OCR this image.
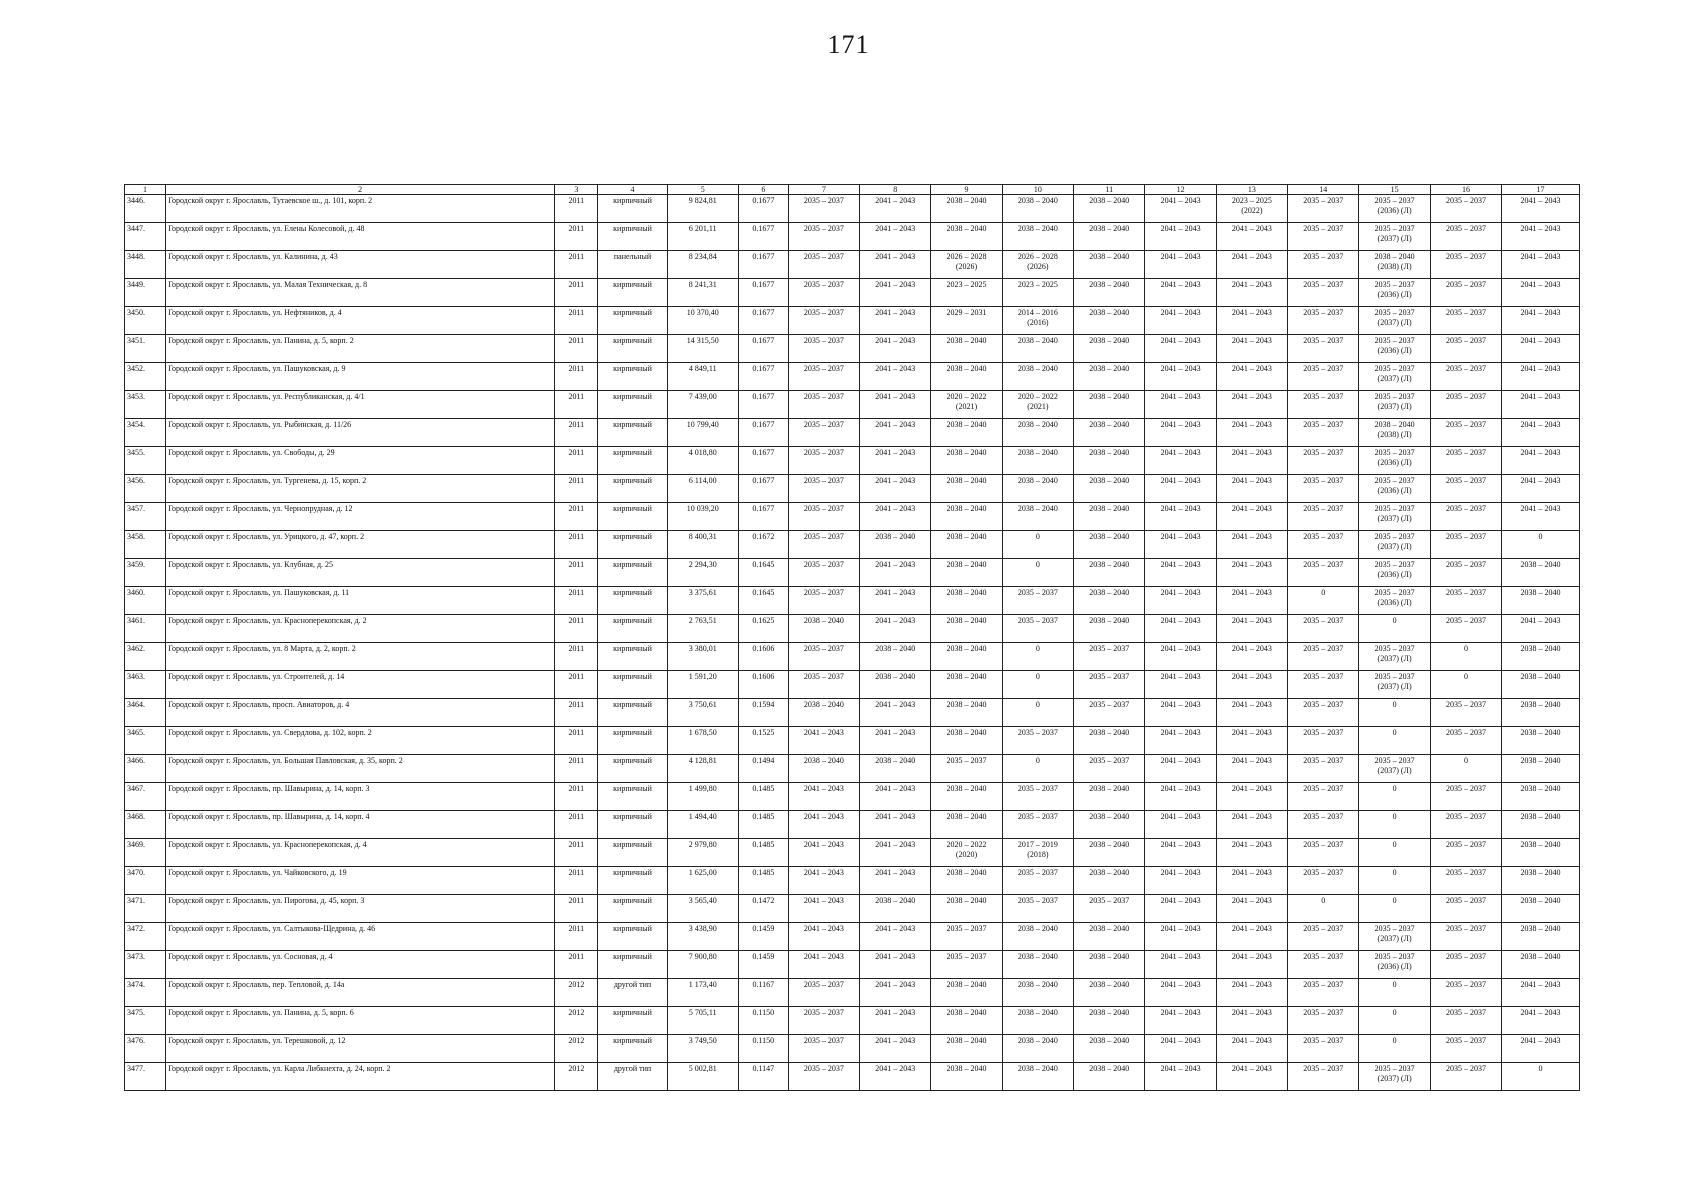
171
1	2	3	4	5	6	7	8	9	10	11	12	13	14	15	16	17

3446.	Городской округ г. Ярославль, Тутаевское ш., д. 101, корп. 2	2011	кирпичный	9 824,81	0.1677	2035 – 2037	2041 – 2043	2038 – 2040	2038 – 2040	2038 – 2040	2041 – 2043	2023 – 2025
(2022)	2035 – 2037	2035 – 2037
(2036) (Л)	2035 – 2037	2041 – 2043

3447.	Городской округ г. Ярославль, ул. Елены Колесовой, д. 48	2011	кирпичный	6 201,11	0.1677	2035 – 2037	2041 – 2043	2038 – 2040	2038 – 2040	2038 – 2040	2041 – 2043	2041 – 2043	2035 – 2037	2035 – 2037
(2037) (Л)	2035 – 2037	2041 – 2043

3448.	Городской округ г. Ярославль, ул. Калинина, д. 43	2011	панельный	8 234,84	0.1677	2035 – 2037	2041 – 2043	2026 – 2028
(2026)	2026 – 2028
(2026)	2038 – 2040	2041 – 2043	2041 – 2043	2035 – 2037	2038 – 2040
(2038) (Л)	2035 – 2037	2041 – 2043

3449.	Городской округ г. Ярославль, ул. Малая Техническая, д. 8	2011	кирпичный	8 241,31	0.1677	2035 – 2037	2041 – 2043	2023 – 2025	2023 – 2025	2038 – 2040	2041 – 2043	2041 – 2043	2035 – 2037	2035 – 2037
(2036) (Л)	2035 – 2037	2041 – 2043

3450.	Городской округ г. Ярославль, ул. Нефтяников, д. 4	2011	кирпичный	10 370,40	0.1677	2035 – 2037	2041 – 2043	2029 – 2031	2014 – 2016
(2016)	2038 – 2040	2041 – 2043	2041 – 2043	2035 – 2037	2035 – 2037
(2037) (Л)	2035 – 2037	2041 – 2043

3451.	Городской округ г. Ярославль, ул. Панина, д. 5, корп. 2	2011	кирпичный	14 315,50	0.1677	2035 – 2037	2041 – 2043	2038 – 2040	2038 – 2040	2038 – 2040	2041 – 2043	2041 – 2043	2035 – 2037	2035 – 2037
(2036) (Л)	2035 – 2037	2041 – 2043

3452.	Городской округ г. Ярославль, ул. Пашуковская, д. 9	2011	кирпичный	4 849,11	0.1677	2035 – 2037	2041 – 2043	2038 – 2040	2038 – 2040	2038 – 2040	2041 – 2043	2041 – 2043	2035 – 2037	2035 – 2037
(2037) (Л)	2035 – 2037	2041 – 2043

3453.	Городской округ г. Ярославль, ул. Республиканская, д. 4/1	2011	кирпичный	7 439,00	0.1677	2035 – 2037	2041 – 2043	2020 – 2022
(2021)	2020 – 2022
(2021)	2038 – 2040	2041 – 2043	2041 – 2043	2035 – 2037	2035 – 2037
(2037) (Л)	2035 – 2037	2041 – 2043

3454.	Городской округ г. Ярославль, ул. Рыбинская, д. 11/26	2011	кирпичный	10 799,40	0.1677	2035 – 2037	2041 – 2043	2038 – 2040	2038 – 2040	2038 – 2040	2041 – 2043	2041 – 2043	2035 – 2037	2038 – 2040
(2038) (Л)	2035 – 2037	2041 – 2043

3455.	Городской округ г. Ярославль, ул. Свободы, д. 29	2011	кирпичный	4 018,80	0.1677	2035 – 2037	2041 – 2043	2038 – 2040	2038 – 2040	2038 – 2040	2041 – 2043	2041 – 2043	2035 – 2037	2035 – 2037
(2036) (Л)	2035 – 2037	2041 – 2043

3456.	Городской округ г. Ярославль, ул. Тургенева, д. 15, корп. 2	2011	кирпичный	6 114,00	0.1677	2035 – 2037	2041 – 2043	2038 – 2040	2038 – 2040	2038 – 2040	2041 – 2043	2041 – 2043	2035 – 2037	2035 – 2037
(2036) (Л)	2035 – 2037	2041 – 2043

3457.	Городской округ г. Ярославль, ул. Чернопрудная, д. 12	2011	кирпичный	10 039,20	0.1677	2035 – 2037	2041 – 2043	2038 – 2040	2038 – 2040	2038 – 2040	2041 – 2043	2041 – 2043	2035 – 2037	2035 – 2037
(2037) (Л)	2035 – 2037	2041 – 2043

3458.	Городской округ г. Ярославль, ул. Урицкого, д. 47, корп. 2	2011	кирпичный	8 400,31	0.1672	2035 – 2037	2038 – 2040	2038 – 2040	0	2038 – 2040	2041 – 2043	2041 – 2043	2035 – 2037	2035 – 2037
(2037) (Л)	2035 – 2037	0

3459.	Городской округ г. Ярославль, ул. Клубная, д. 25	2011	кирпичный	2 294,30	0.1645	2035 – 2037	2041 – 2043	2038 – 2040	0	2038 – 2040	2041 – 2043	2041 – 2043	2035 – 2037	2035 – 2037
(2036) (Л)	2035 – 2037	2038 – 2040

3460.	Городской округ г. Ярославль, ул. Пашуковская, д. 11	2011	кирпичный	3 375,61	0.1645	2035 – 2037	2041 – 2043	2038 – 2040	2035 – 2037	2038 – 2040	2041 – 2043	2041 – 2043	0	2035 – 2037
(2036) (Л)	2035 – 2037	2038 – 2040

3461.	Городской округ г. Ярославль, ул. Красноперекопская, д. 2	2011	кирпичный	2 763,51	0.1625	2038 – 2040	2041 – 2043	2038 – 2040	2035 – 2037	2038 – 2040	2041 – 2043	2041 – 2043	2035 – 2037	0	2035 – 2037	2041 – 2043

3462.	Городской округ г. Ярославль, ул. 8 Марта, д. 2, корп. 2	2011	кирпичный	3 380,01	0.1606	2035 – 2037	2038 – 2040	2038 – 2040	0	2035 – 2037	2041 – 2043	2041 – 2043	2035 – 2037	2035 – 2037
(2037) (Л)	0	2038 – 2040

3463.	Городской округ г. Ярославль, ул. Строителей, д. 14	2011	кирпичный	1 591,20	0.1606	2035 – 2037	2038 – 2040	2038 – 2040	0	2035 – 2037	2041 – 2043	2041 – 2043	2035 – 2037	2035 – 2037
(2037) (Л)	0	2038 – 2040

3464.	Городской округ г. Ярославль, просп. Авиаторов, д. 4	2011	кирпичный	3 750,61	0.1594	2038 – 2040	2041 – 2043	2038 – 2040	0	2035 – 2037	2041 – 2043	2041 – 2043	2035 – 2037	0	2035 – 2037	2038 – 2040

3465.	Городской округ г. Ярославль, ул. Свердлова, д. 102, корп. 2	2011	кирпичный	1 678,50	0.1525	2041 – 2043	2041 – 2043	2038 – 2040	2035 – 2037	2038 – 2040	2041 – 2043	2041 – 2043	2035 – 2037	0	2035 – 2037	2038 – 2040

3466.	Городской округ г. Ярославль, ул. Большая Павловская, д. 35, корп. 2	2011	кирпичный	4 128,81	0.1494	2038 – 2040	2038 – 2040	2035 – 2037	0	2035 – 2037	2041 – 2043	2041 – 2043	2035 – 2037	2035 – 2037
(2037) (Л)	0	2038 – 2040

3467.	Городской округ г. Ярославль, пр. Шавырина, д. 14, корп. 3	2011	кирпичный	1 499,80	0.1485	2041 – 2043	2041 – 2043	2038 – 2040	2035 – 2037	2038 – 2040	2041 – 2043	2041 – 2043	2035 – 2037	0	2035 – 2037	2038 – 2040

3468.	Городской округ г. Ярославль, пр. Шавырина, д. 14, корп. 4	2011	кирпичный	1 494,40	0.1485	2041 – 2043	2041 – 2043	2038 – 2040	2035 – 2037	2038 – 2040	2041 – 2043	2041 – 2043	2035 – 2037	0	2035 – 2037	2038 – 2040

3469.	Городской округ г. Ярославль, ул. Красноперекопская, д. 4	2011	кирпичный	2 979,80	0.1485	2041 – 2043	2041 – 2043	2020 – 2022
(2020)	2017 – 2019
(2018)	2038 – 2040	2041 – 2043	2041 – 2043	2035 – 2037	0	2035 – 2037	2038 – 2040

3470.	Городской округ г. Ярославль, ул. Чайковского, д. 19	2011	кирпичный	1 625,00	0.1485	2041 – 2043	2041 – 2043	2038 – 2040	2035 – 2037	2038 – 2040	2041 – 2043	2041 – 2043	2035 – 2037	0	2035 – 2037	2038 – 2040

3471.	Городской округ г. Ярославль, ул. Пирогова, д. 45, корп. 3	2011	кирпичный	3 565,40	0.1472	2041 – 2043	2038 – 2040	2038 – 2040	2035 – 2037	2035 – 2037	2041 – 2043	2041 – 2043	0	0	2035 – 2037	2038 – 2040

3472.	Городской округ г. Ярославль, ул. Салтыкова-Щедрина, д. 46	2011	кирпичный	3 438,90	0.1459	2041 – 2043	2041 – 2043	2035 – 2037	2038 – 2040	2038 – 2040	2041 – 2043	2041 – 2043	2035 – 2037	2035 – 2037
(2037) (Л)	2035 – 2037	2038 – 2040

3473.	Городской округ г. Ярославль, ул. Сосновая, д. 4	2011	кирпичный	7 900,80	0.1459	2041 – 2043	2041 – 2043	2035 – 2037	2038 – 2040	2038 – 2040	2041 – 2043	2041 – 2043	2035 – 2037	2035 – 2037
(2036) (Л)	2035 – 2037	2038 – 2040

3474.	Городской округ г. Ярославль, пер. Тепловой, д. 14а	2012	другой тип	1 173,40	0.1167	2035 – 2037	2041 – 2043	2038 – 2040	2038 – 2040	2038 – 2040	2041 – 2043	2041 – 2043	2035 – 2037	0	2035 – 2037	2041 – 2043

3475.	Городской округ г. Ярославль, ул. Панина, д. 5, корп. 6	2012	кирпичный	5 705,11	0.1150	2035 – 2037	2041 – 2043	2038 – 2040	2038 – 2040	2038 – 2040	2041 – 2043	2041 – 2043	2035 – 2037	0	2035 – 2037	2041 – 2043

3476.	Городской округ г. Ярославль, ул. Терешковой, д. 12	2012	кирпичный	3 749,50	0.1150	2035 – 2037	2041 – 2043	2038 – 2040	2038 – 2040	2038 – 2040	2041 – 2043	2041 – 2043	2035 – 2037	0	2035 – 2037	2041 – 2043

3477.	Городской округ г. Ярославль, ул. Карла Либкнехта, д. 24, корп. 2	2012	другой тип	5 002,81	0.1147	2035 – 2037	2041 – 2043	2038 – 2040	2038 – 2040	2038 – 2040	2041 – 2043	2041 – 2043	2035 – 2037	2035 – 2037
(2037) (Л)	2035 – 2037	0
